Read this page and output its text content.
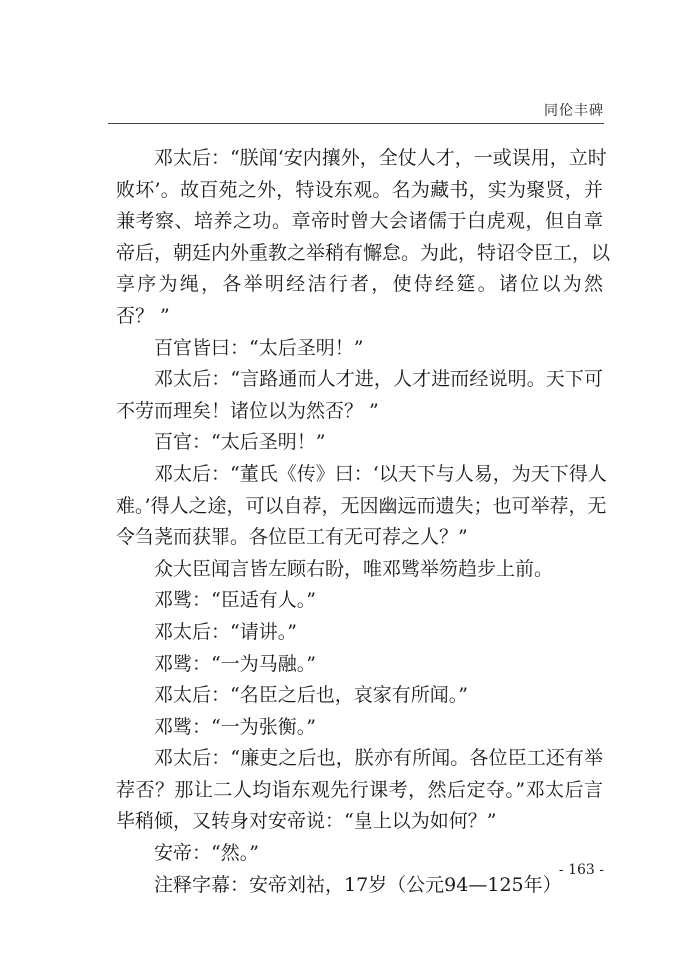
同伦丰碑
邓太后：“朕闻‘安内攘外，全仗人才，一或误用，立时
败坏’。故百苑之外，特设东观。名为藏书，实为聚贤，并
兼考察、培养之功。章帝时曾大会诸儒于白虎观，但自章
帝后，朝廷内外重教之举稍有懈怠。为此，特诏令臣工，以
享序为绳，各举明经洁行者，使侍经筵。诸位以为然
否？ ”
百官皆曰：“太后圣明！”
邓太后：“言路通而人才进，人才进而经说明。天下可
不劳而理矣！诸位以为然否？ ”
百官：“太后圣明！”
邓太后：“董氏《传》曰：‘以天下与人易，为天下得人
难。’得人之途，可以自荐，无因幽远而遗失；也可举荐，无
令刍荛而获罪。各位臣工有无可荐之人？”
众大臣闻言皆左顾右盼，唯邓骘举笏趋步上前。
邓骘：“臣适有人。”
邓太后：“请讲。”
邓骘：“一为马融。”
邓太后：“名臣之后也，哀家有所闻。”
邓骘：“一为张衡。”
邓太后：“廉吏之后也，朕亦有所闻。各位臣工还有举
荐否？那让二人均诣东观先行课考，然后定夺。”邓太后言
毕稍倾，又转身对安帝说：“皇上以为如何？”
安帝：“然。”
注释字幕：安帝刘祜，17岁（公元94—125年）
- 163 -
